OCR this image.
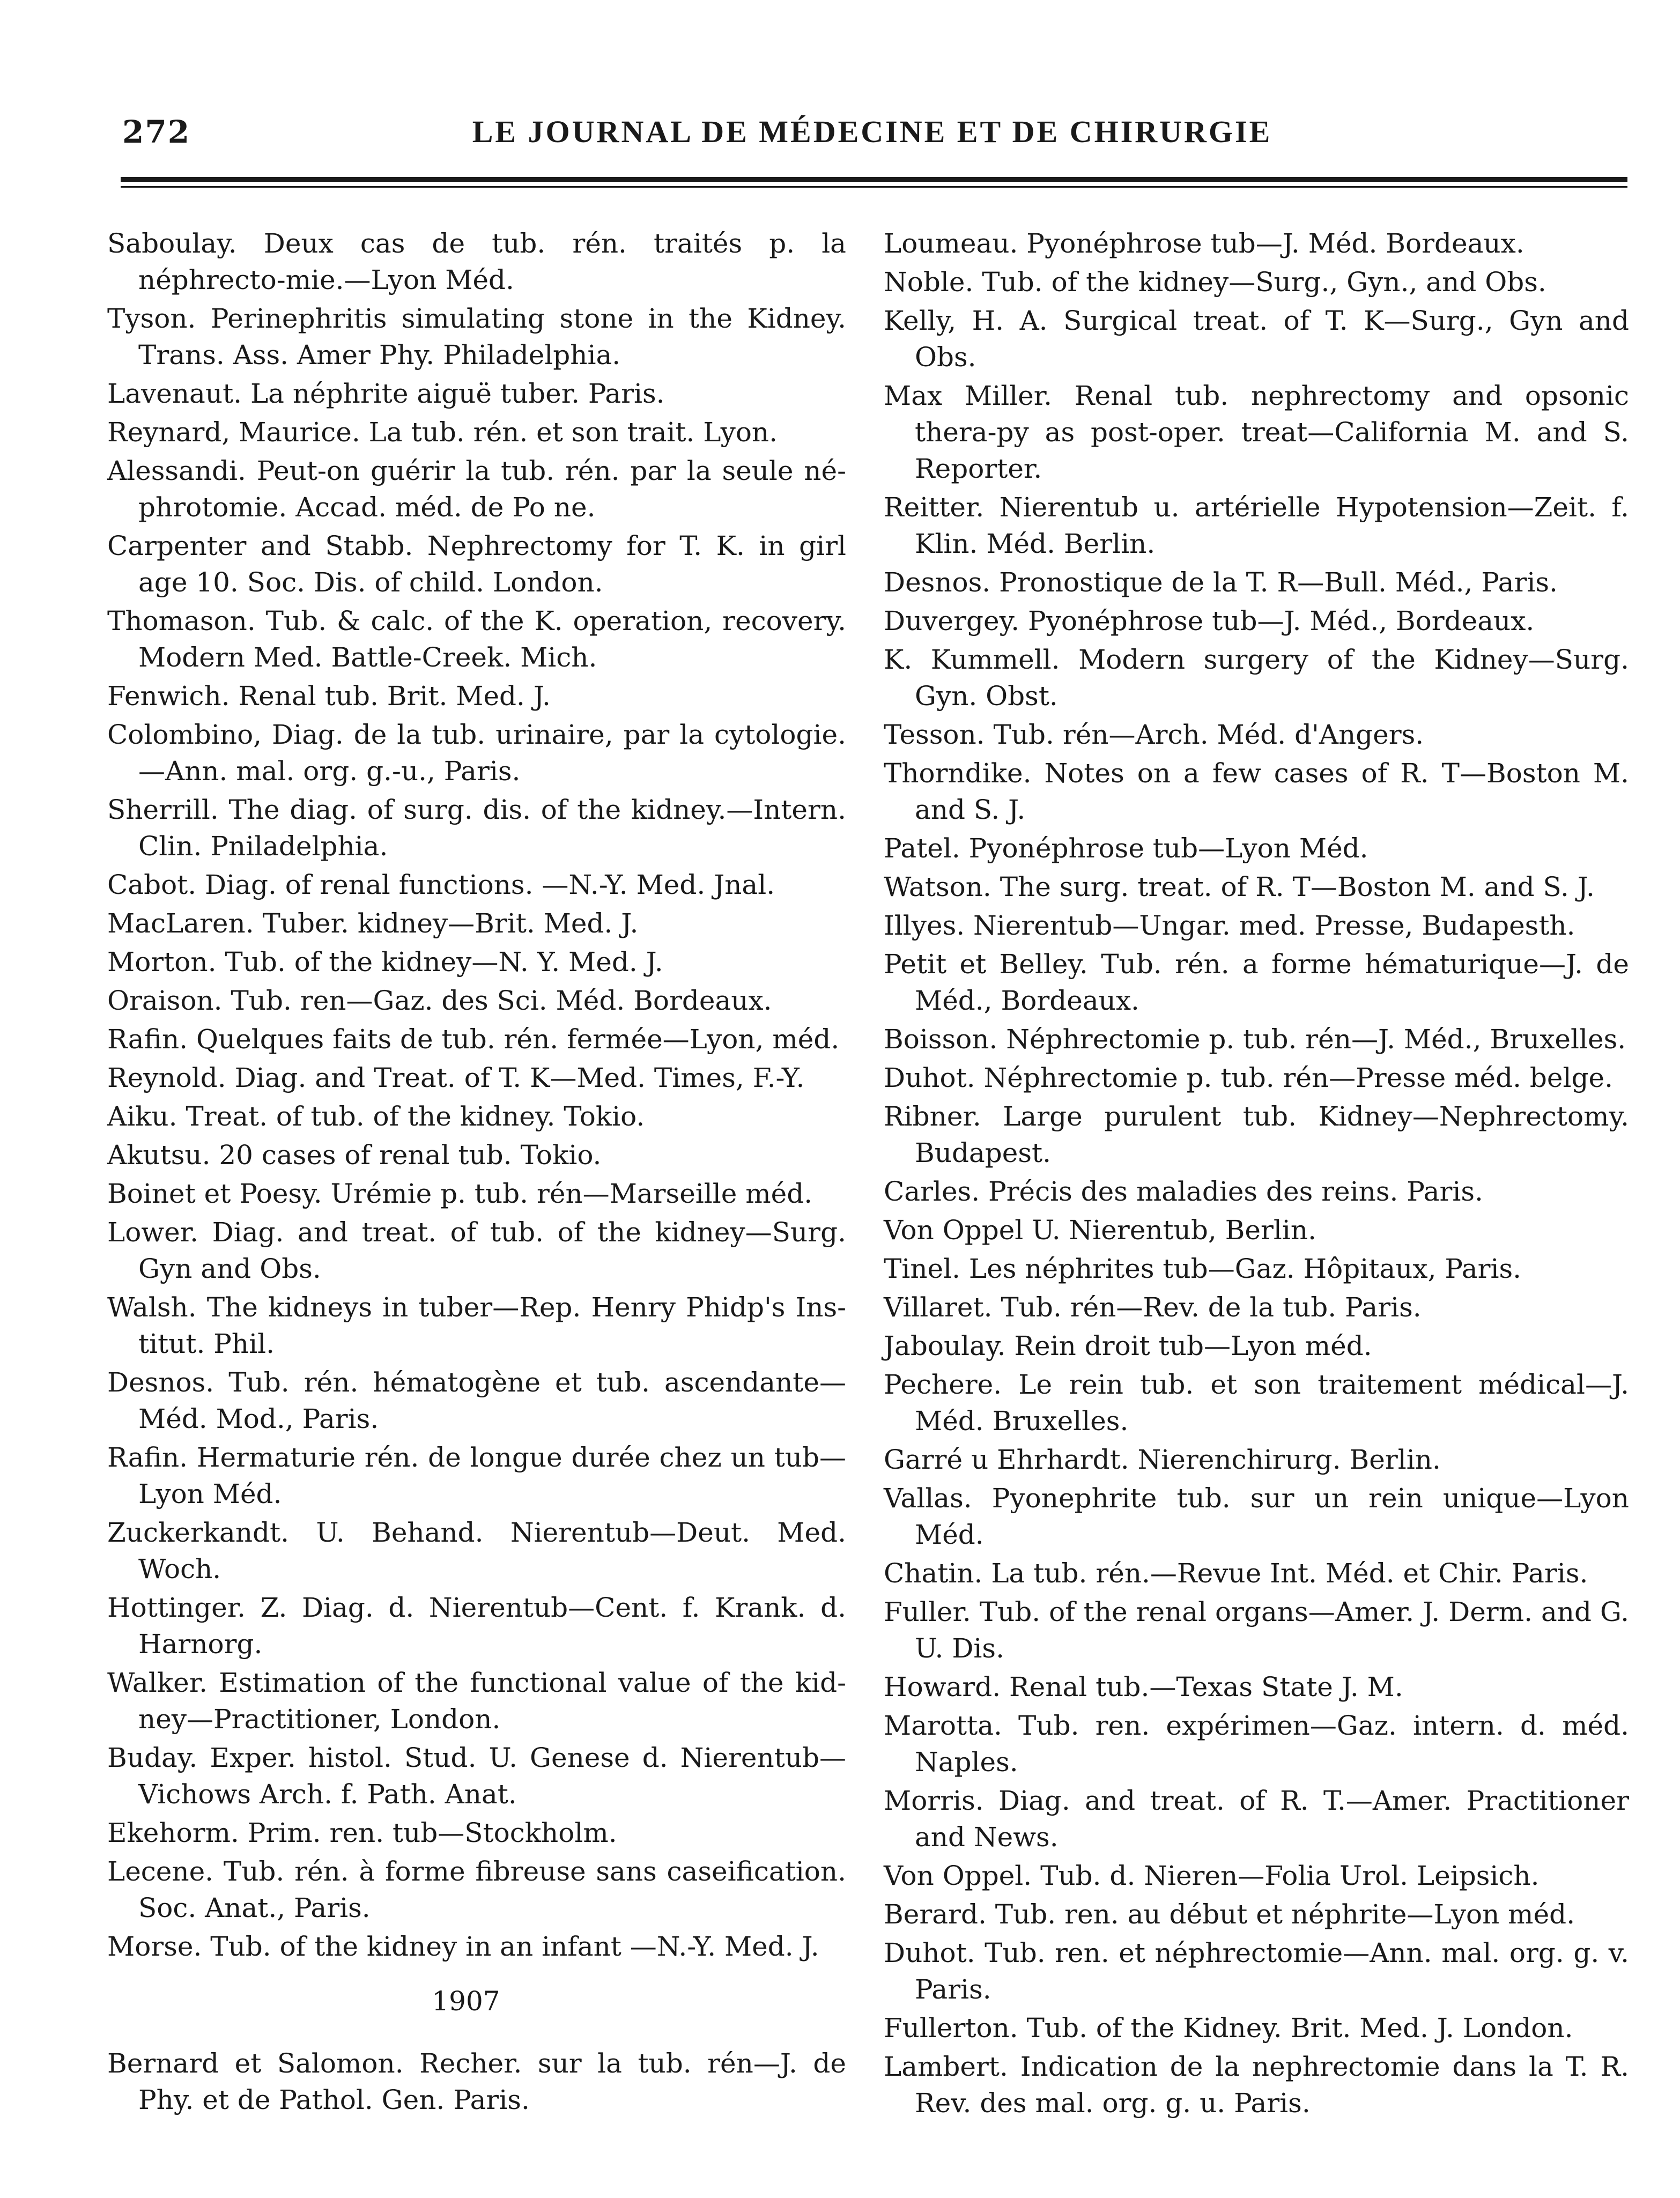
272	LE JOURNAL DE MÉDECINE ET DE CHIRURGIE

Saboulay. Deux cas de tub. rén. traités p. la néphrecto-mie.—Lyon Méd.

Tyson. Perinephritis simulating stone in the Kidney. Trans. Ass. Amer Phy. Philadelphia.

Lavenaut. La néphrite aiguë tuber. Paris.

Reynard, Maurice. La tub. rén. et son trait. Lyon.

Alessandi. Peut-on guérir la tub. rén. par la seule né-phrotomie. Accad. méd. de Po ne.

Carpenter and Stabb. Nephrectomy for T. K. in girl age 10. Soc. Dis. of child. London.

Thomason. Tub. & calc. of the K. operation, recovery. Modern Med. Battle-Creek. Mich.

Fenwich. Renal tub. Brit. Med. J.

Colombino, Diag. de la tub. urinaire, par la cytologie.—Ann. mal. org. g.-u., Paris.

Sherrill. The diag. of surg. dis. of the kidney.—Intern. Clin. Pniladelphia.

Cabot. Diag. of renal functions. —N.-Y. Med. Jnal.

MacLaren. Tuber. kidney—Brit. Med. J.

Morton. Tub. of the kidney—N. Y. Med. J.

Oraison. Tub. ren—Gaz. des Sci. Méd. Bordeaux.

Rafin. Quelques faits de tub. rén. fermée—Lyon, méd.

Reynold. Diag. and Treat. of T. K—Med. Times, F.-Y.

Aiku. Treat. of tub. of the kidney. Tokio.

Akutsu. 20 cases of renal tub. Tokio.

Boinet et Poesy. Urémie p. tub. rén—Marseille méd.

Lower. Diag. and treat. of tub. of the kidney—Surg. Gyn and Obs.

Walsh. The kidneys in tuber—Rep. Henry Phidp's Ins-titut. Phil.

Desnos. Tub. rén. hématogène et tub. ascendante—Méd. Mod., Paris.

Rafin. Hermaturie rén. de longue durée chez un tub—Lyon Méd.

Zuckerkandt. U. Behand. Nierentub—Deut. Med. Woch.

Hottinger. Z. Diag. d. Nierentub—Cent. f. Krank. d. Harnorg.

Walker. Estimation of the functional value of the kid-ney—Practitioner, London.

Buday. Exper. histol. Stud. U. Genese d. Nierentub—Vichows Arch. f. Path. Anat.

Ekehorm. Prim. ren. tub—Stockholm.

Lecene. Tub. rén. à forme fibreuse sans caseification. Soc. Anat., Paris.

Morse. Tub. of the kidney in an infant —N.-Y. Med. J.

1907

Bernard et Salomon. Recher. sur la tub. rén—J. de Phy. et de Pathol. Gen. Paris.

Loumeau. Pyonéphrose tub—J. Méd. Bordeaux.

Noble. Tub. of the kidney—Surg., Gyn., and Obs.

Kelly, H. A. Surgical treat. of T. K—Surg., Gyn and Obs.

Max Miller. Renal tub. nephrectomy and opsonic thera-py as post-oper. treat—California M. and S. Reporter.

Reitter. Nierentub u. artérielle Hypotension—Zeit. f. Klin. Méd. Berlin.

Desnos. Pronostique de la T. R—Bull. Méd., Paris.

Duvergey. Pyonéphrose tub—J. Méd., Bordeaux.

K. Kummell. Modern surgery of the Kidney—Surg. Gyn. Obst.

Tesson. Tub. rén—Arch. Méd. d'Angers.

Thorndike. Notes on a few cases of R. T—Boston M. and S. J.

Patel. Pyonéphrose tub—Lyon Méd.

Watson. The surg. treat. of R. T—Boston M. and S. J.

Illyes. Nierentub—Ungar. med. Presse, Budapesth.

Petit et Belley. Tub. rén. a forme hématurique—J. de Méd., Bordeaux.

Boisson. Néphrectomie p. tub. rén—J. Méd., Bruxelles.

Duhot. Néphrectomie p. tub. rén—Presse méd. belge.

Ribner. Large purulent tub. Kidney—Nephrectomy. Budapest.

Carles. Précis des maladies des reins. Paris.

Von Oppel U. Nierentub, Berlin.

Tinel. Les néphrites tub—Gaz. Hôpitaux, Paris.

Villaret. Tub. rén—Rev. de la tub. Paris.

Jaboulay. Rein droit tub—Lyon méd.

Pechere. Le rein tub. et son traitement médical—J. Méd. Bruxelles.

Garré u Ehrhardt. Nierenchirurg. Berlin.

Vallas. Pyonephrite tub. sur un rein unique—Lyon Méd.

Chatin. La tub. rén.—Revue Int. Méd. et Chir. Paris.

Fuller. Tub. of the renal organs—Amer. J. Derm. and G. U. Dis.

Howard. Renal tub.—Texas State J. M.

Marotta. Tub. ren. expérimen—Gaz. intern. d. méd. Naples.

Morris. Diag. and treat. of R. T.—Amer. Practitioner and News.

Von Oppel. Tub. d. Nieren—Folia Urol. Leipsich.

Berard. Tub. ren. au début et néphrite—Lyon méd.

Duhot. Tub. ren. et néphrectomie—Ann. mal. org. g. v. Paris.

Fullerton. Tub. of the Kidney. Brit. Med. J. London.

Lambert. Indication de la nephrectomie dans la T. R. Rev. des mal. org. g. u. Paris.
